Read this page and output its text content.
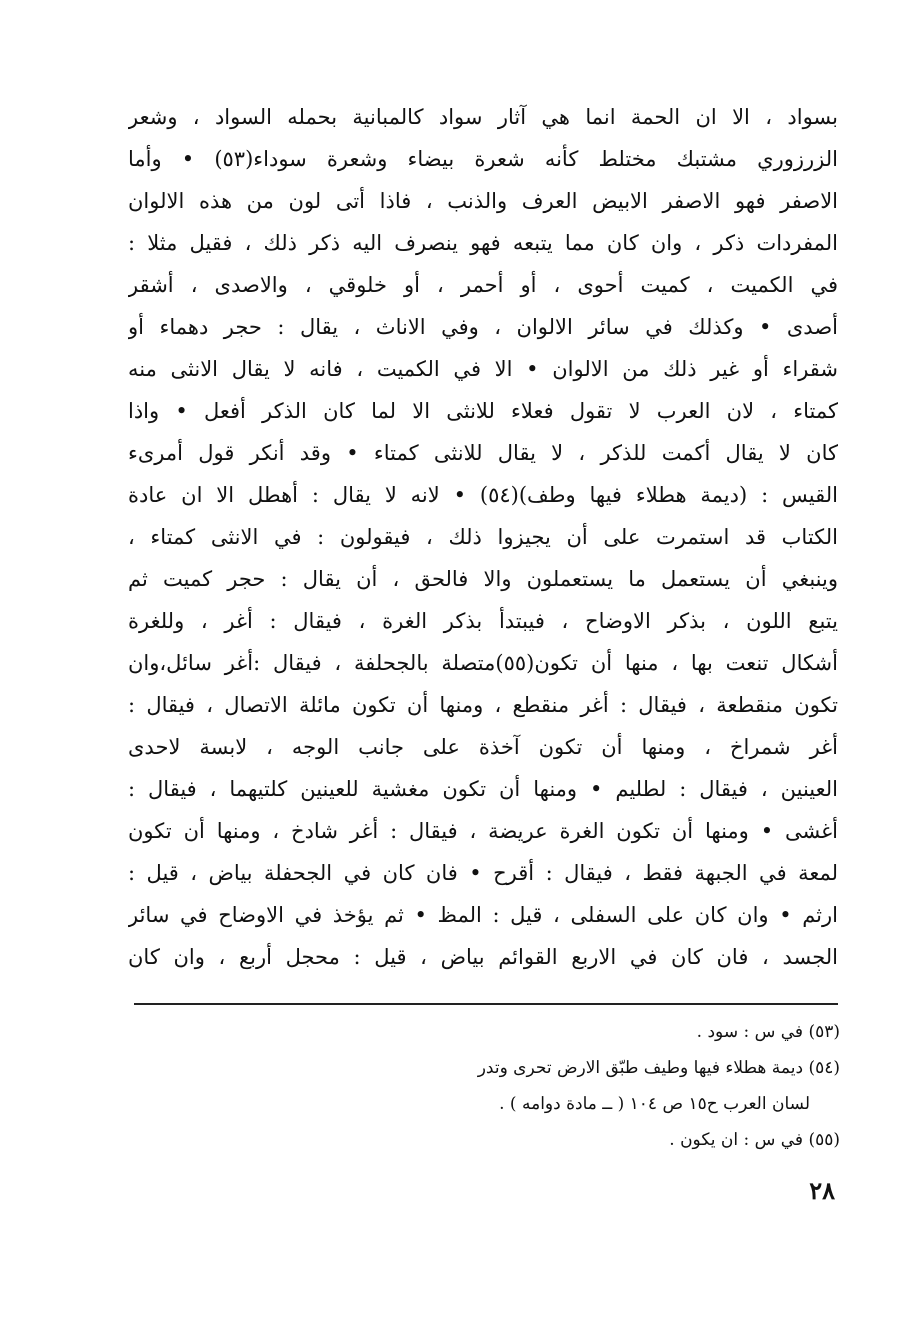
بسواد ، الا ان الحمة انما هي آثار سواد كالمبانية بحمله السواد ، وشعر
الزرزوري مشتبك مختلط كأنه شعرة بيضاء وشعرة سوداء(٥٣) • وأما
الاصفر فهو الاصفر الابيض العرف والذنب ، فاذا أتى لون من هذه الالوان
المفردات ذكر ، وان كان مما يتبعه فهو ينصرف اليه ذكر ذلك ، فقيل مثلا :
في الكميت ، كميت أحوى ، أو أحمر ، أو خلوقي ، والاصدى ، أشقر
أصدى • وكذلك في سائر الالوان ، وفي الاناث ، يقال : حجر دهماء أو
شقراء أو غير ذلك من الالوان • الا في الكميت ، فانه لا يقال الانثى منه
كمتاء ، لان العرب لا تقول فعلاء للانثى الا لما كان الذكر أفعل • واذا
كان لا يقال أكمت للذكر ، لا يقال للانثى كمتاء • وقد أنكر قول أمرىء
القيس : (ديمة هطلاء فيها وطف)(٥٤) • لانه لا يقال : أهطل الا ان عادة
الكتاب قد استمرت على أن يجيزوا ذلك ، فيقولون : في الانثى كمتاء ،
وينبغي أن يستعمل ما يستعملون والا فالحق ، أن يقال : حجر كميت ثم
يتبع اللون ، بذكر الاوضاح ، فيبتدأ بذكر الغرة ، فيقال : أغر ، وللغرة
أشكال تنعت بها ، منها أن تكون(٥٥)متصلة بالجحلفة ، فيقال :أغر سائل،وان
تكون منقطعة ، فيقال : أغر منقطع ، ومنها أن تكون مائلة الاتصال ، فيقال :
أغر شمراخ ، ومنها أن تكون آخذة على جانب الوجه ، لابسة لاحدى
العينين ، فيقال : لطليم • ومنها أن تكون مغشية للعينين كلتيهما ، فيقال :
أغشى • ومنها أن تكون الغرة عريضة ، فيقال : أغر شادخ ، ومنها أن تكون
لمعة في الجبهة فقط ، فيقال : أقرح • فان كان في الجحفلة بياض ، قيل :
ارثم • وان كان على السفلى ، قيل : المظ • ثم يؤخذ في الاوضاح في سائر
الجسد ، فان كان في الاربع القوائم بياض ، قيل : محجل أربع ، وان كان
(٥٣) في س : سود .
(٥٤) ديمة هطلاء فيها وطيف طبّق الارض تحرى وتدر
لسان العرب ح١٥ ص ١٠٤ ( ــ مادة دوامه ) .
(٥٥) في س : ان يكون .
٢٨
